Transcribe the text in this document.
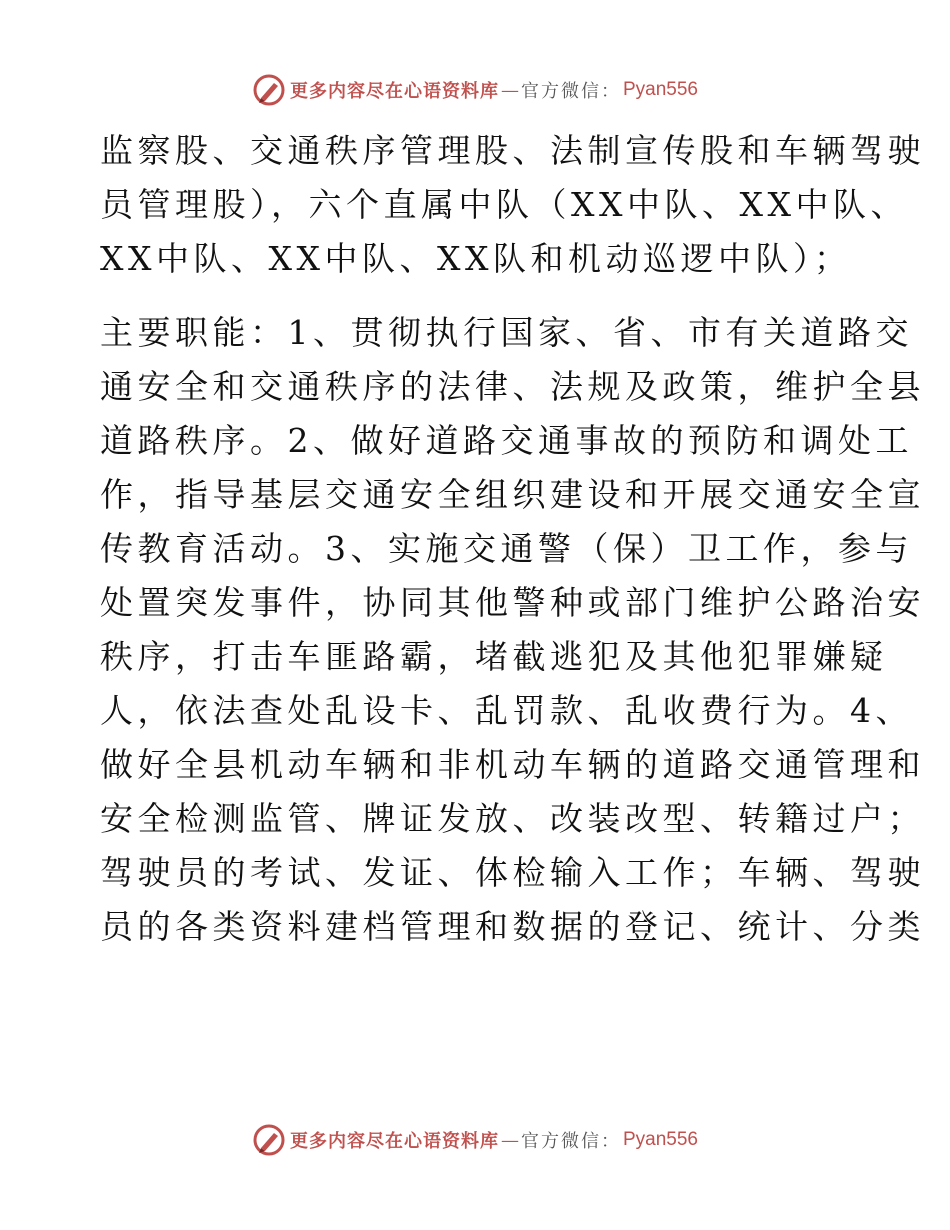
更多内容尽在心语资料库 — 官方微信： Pyan556
监察股、交通秩序管理股、法制宣传股和车辆驾驶
员管理股），六个直属中队（XX中队、XX中队、
XX中队、XX中队、XX队和机动巡逻中队）；
主要职能：1、贯彻执行国家、省、市有关道路交
通安全和交通秩序的法律、法规及政策，维护全县
道路秩序。2、做好道路交通事故的预防和调处工
作，指导基层交通安全组织建设和开展交通安全宣
传教育活动。3、实施交通警（保）卫工作，参与
处置突发事件，协同其他警种或部门维护公路治安
秩序，打击车匪路霸，堵截逃犯及其他犯罪嫌疑
人，依法查处乱设卡、乱罚款、乱收费行为。4、
做好全县机动车辆和非机动车辆的道路交通管理和
安全检测监管、牌证发放、改装改型、转籍过户；
驾驶员的考试、发证、体检输入工作；车辆、驾驶
员的各类资料建档管理和数据的登记、统计、分类
更多内容尽在心语资料库 — 官方微信： Pyan556
